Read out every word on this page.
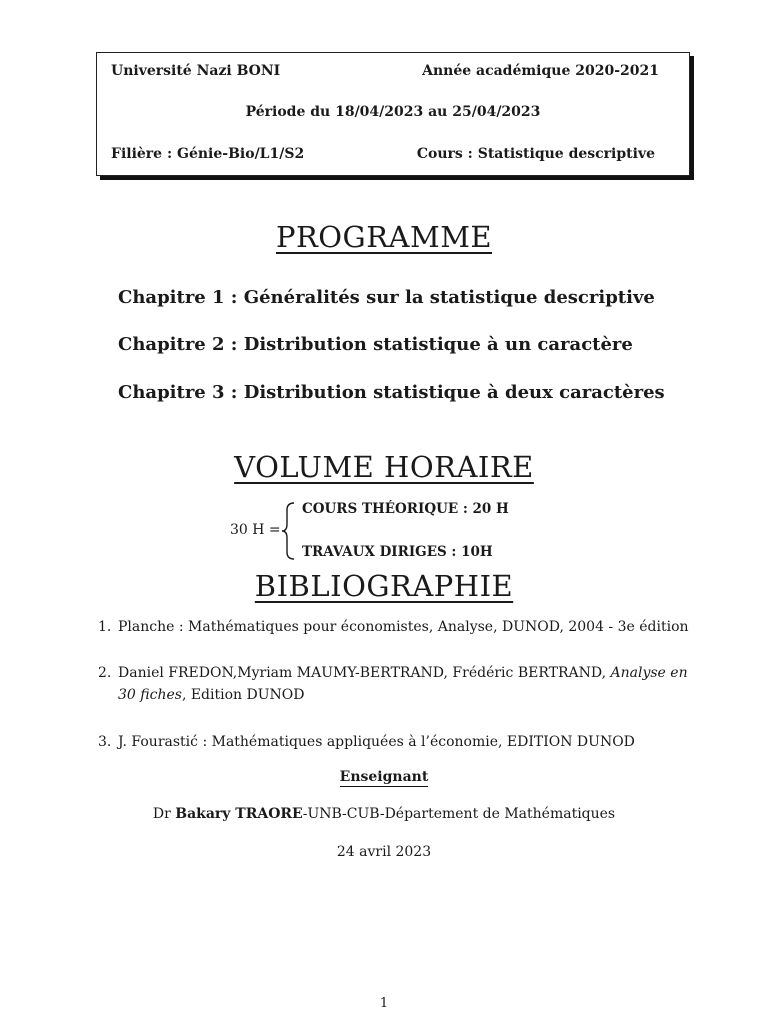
Université Nazi BONI	Année académique 2020-2021
Période du 18/04/2023 au 25/04/2023
Filière : Génie-Bio/L1/S2	Cours : Statistique descriptive
PROGRAMME
Chapitre 1 : Généralités sur la statistique descriptive
Chapitre 2 : Distribution statistique à un caractère
Chapitre 3 : Distribution statistique à deux caractères
VOLUME HORAIRE
30 H =
COURS THÉORIQUE : 20 H
TRAVAUX DIRIGES : 10H
BIBLIOGRAPHIE
1. Planche : Mathématiques pour économistes, Analyse, DUNOD, 2004 - 3e édition
2. Daniel FREDON,Myriam MAUMY-BERTRAND, Frédéric BERTRAND, Analyse en 30 fiches, Edition DUNOD
3. J. Fourastić : Mathématiques appliquées à l’économie, EDITION DUNOD
Enseignant
Dr Bakary TRAORE-UNB-CUB-Département de Mathématiques
24 avril 2023
1
